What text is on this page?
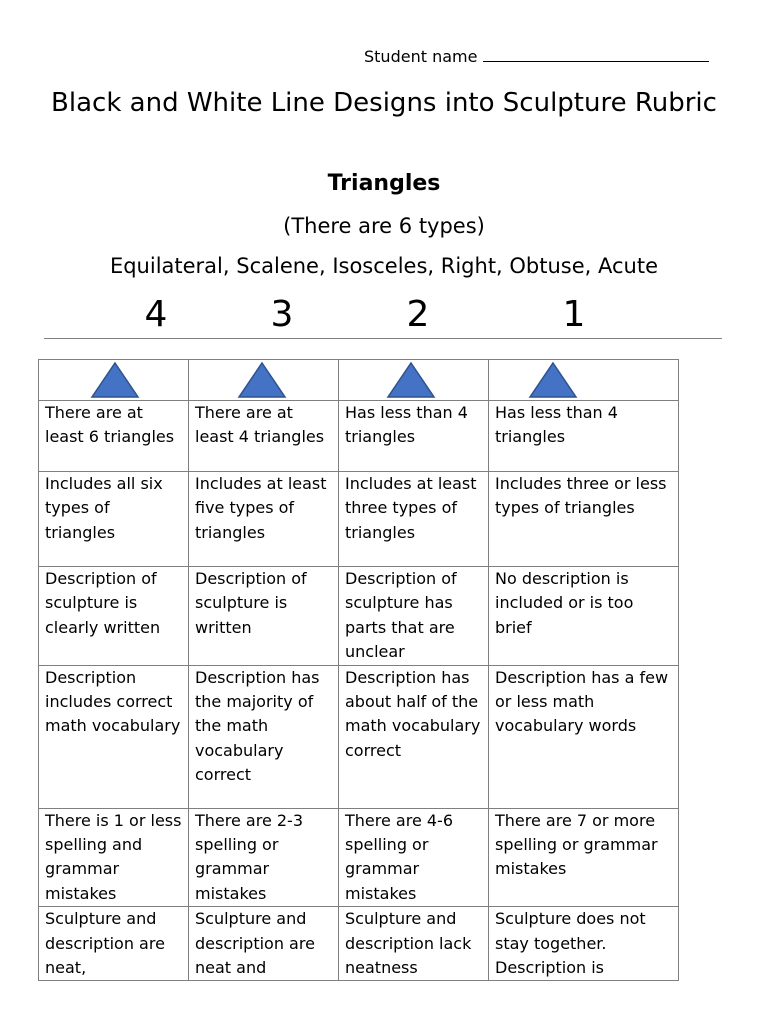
Student name
Black and White Line Designs into Sculpture Rubric
Triangles
(There are 6 types)
Equilateral, Scalene, Isosceles, Right, Obtuse, Acute
4	3	2	1

There are at least 6 triangles	There are at least 4 triangles	Has less than 4 triangles	Has less than 4 triangles
Includes all six types of triangles	Includes at least five types of triangles	Includes at least three types of triangles	Includes three or less types of triangles
Description of sculpture is clearly written	Description of sculpture is written	Description of sculpture has parts that are unclear	No description is included or is too brief
Description includes correct math vocabulary	Description has the majority of the math vocabulary correct	Description has about half of the math vocabulary correct	Description has a few or less math vocabulary words
There is 1 or less spelling and grammar mistakes	There are 2-3 spelling or grammar mistakes	There are 4-6 spelling or grammar mistakes	There are 7 or more spelling or grammar mistakes
Sculpture and description are neat,	Sculpture and description are neat and	Sculpture and description lack neatness	Sculpture does not stay together. Description is
